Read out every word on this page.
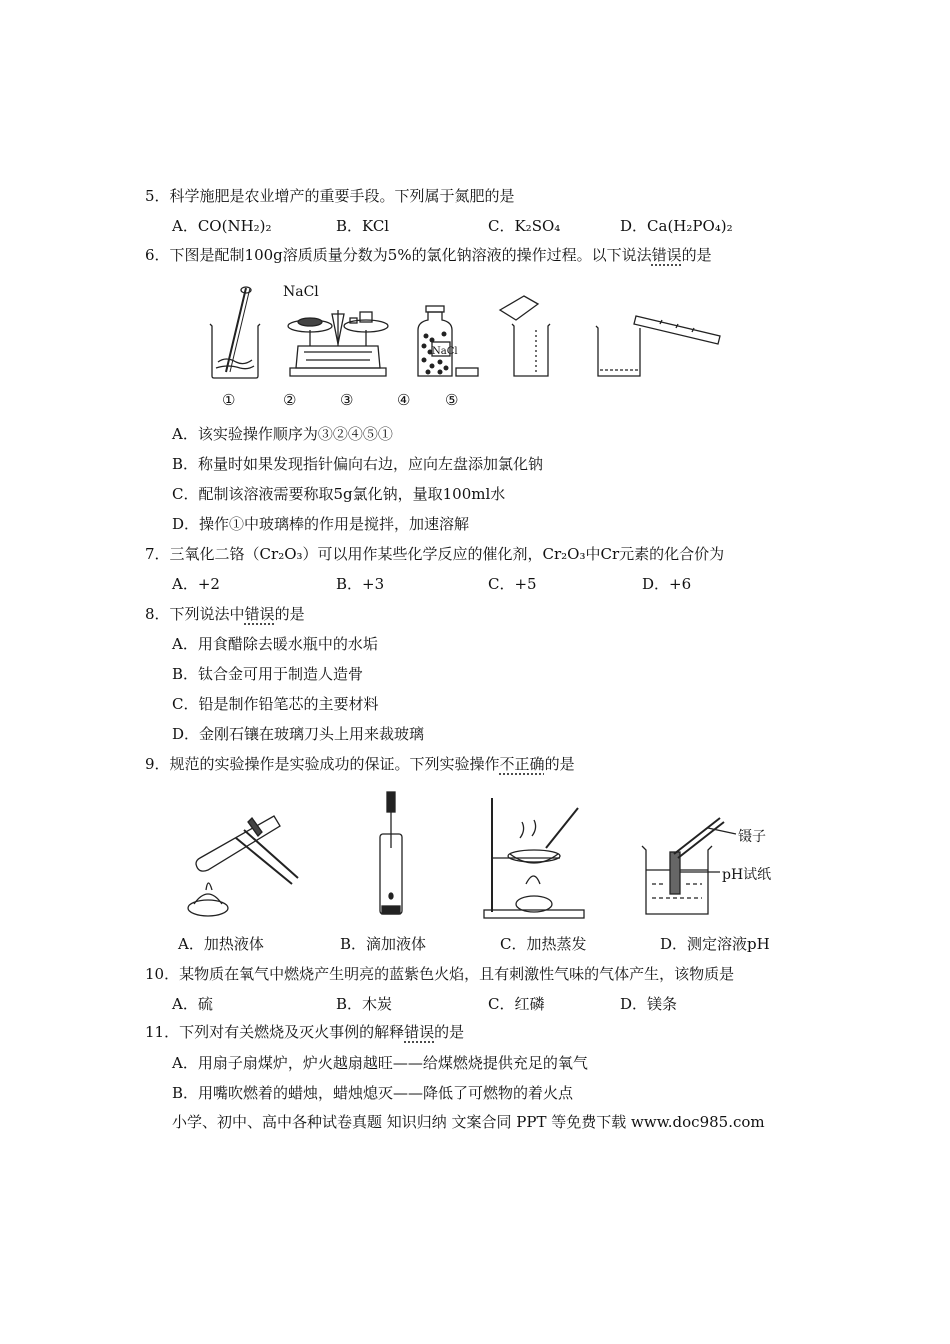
5．科学施肥是农业增产的重要手段。下列属于氮肥的是
A．CO(NH₂)₂	B．KCl	C．K₂SO₄	D．Ca(H₂PO₄)₂
6．下图是配制100g溶质质量分数为5%的氯化钠溶液的操作过程。以下说法错误的是
NaCl
NaCl
①	②	③	④ ⑤
A．该实验操作顺序为③②④⑤①
B．称量时如果发现指针偏向右边，应向左盘添加氯化钠
C．配制该溶液需要称取5g氯化钠，量取100ml水
D．操作①中玻璃棒的作用是搅拌，加速溶解
7．三氧化二铬（Cr₂O₃）可以用作某些化学反应的催化剂，Cr₂O₃中Cr元素的化合价为
A．+2	B．+3	C．+5	D．+6
8．下列说法中错误的是
A．用食醋除去暖水瓶中的水垢
B．钛合金可用于制造人造骨
C．铅是制作铅笔芯的主要材料
D．金刚石镶在玻璃刀头上用来裁玻璃
9．规范的实验操作是实验成功的保证。下列实验操作不正确的是
镊子
pH试纸
A．加热液体	B．滴加液体	C．加热蒸发	D．测定溶液pH
10．某物质在氧气中燃烧产生明亮的蓝紫色火焰，且有刺激性气味的气体产生，该物质是
A．硫	B．木炭	C．红磷	D．镁条
11．下列对有关燃烧及灭火事例的解释错误的是
A．用扇子扇煤炉，炉火越扇越旺——给煤燃烧提供充足的氧气
B．用嘴吹燃着的蜡烛，蜡烛熄灭——降低了可燃物的着火点
小学、初中、高中各种试卷真题 知识归纳 文案合同 PPT 等免费下载 www.doc985.com
